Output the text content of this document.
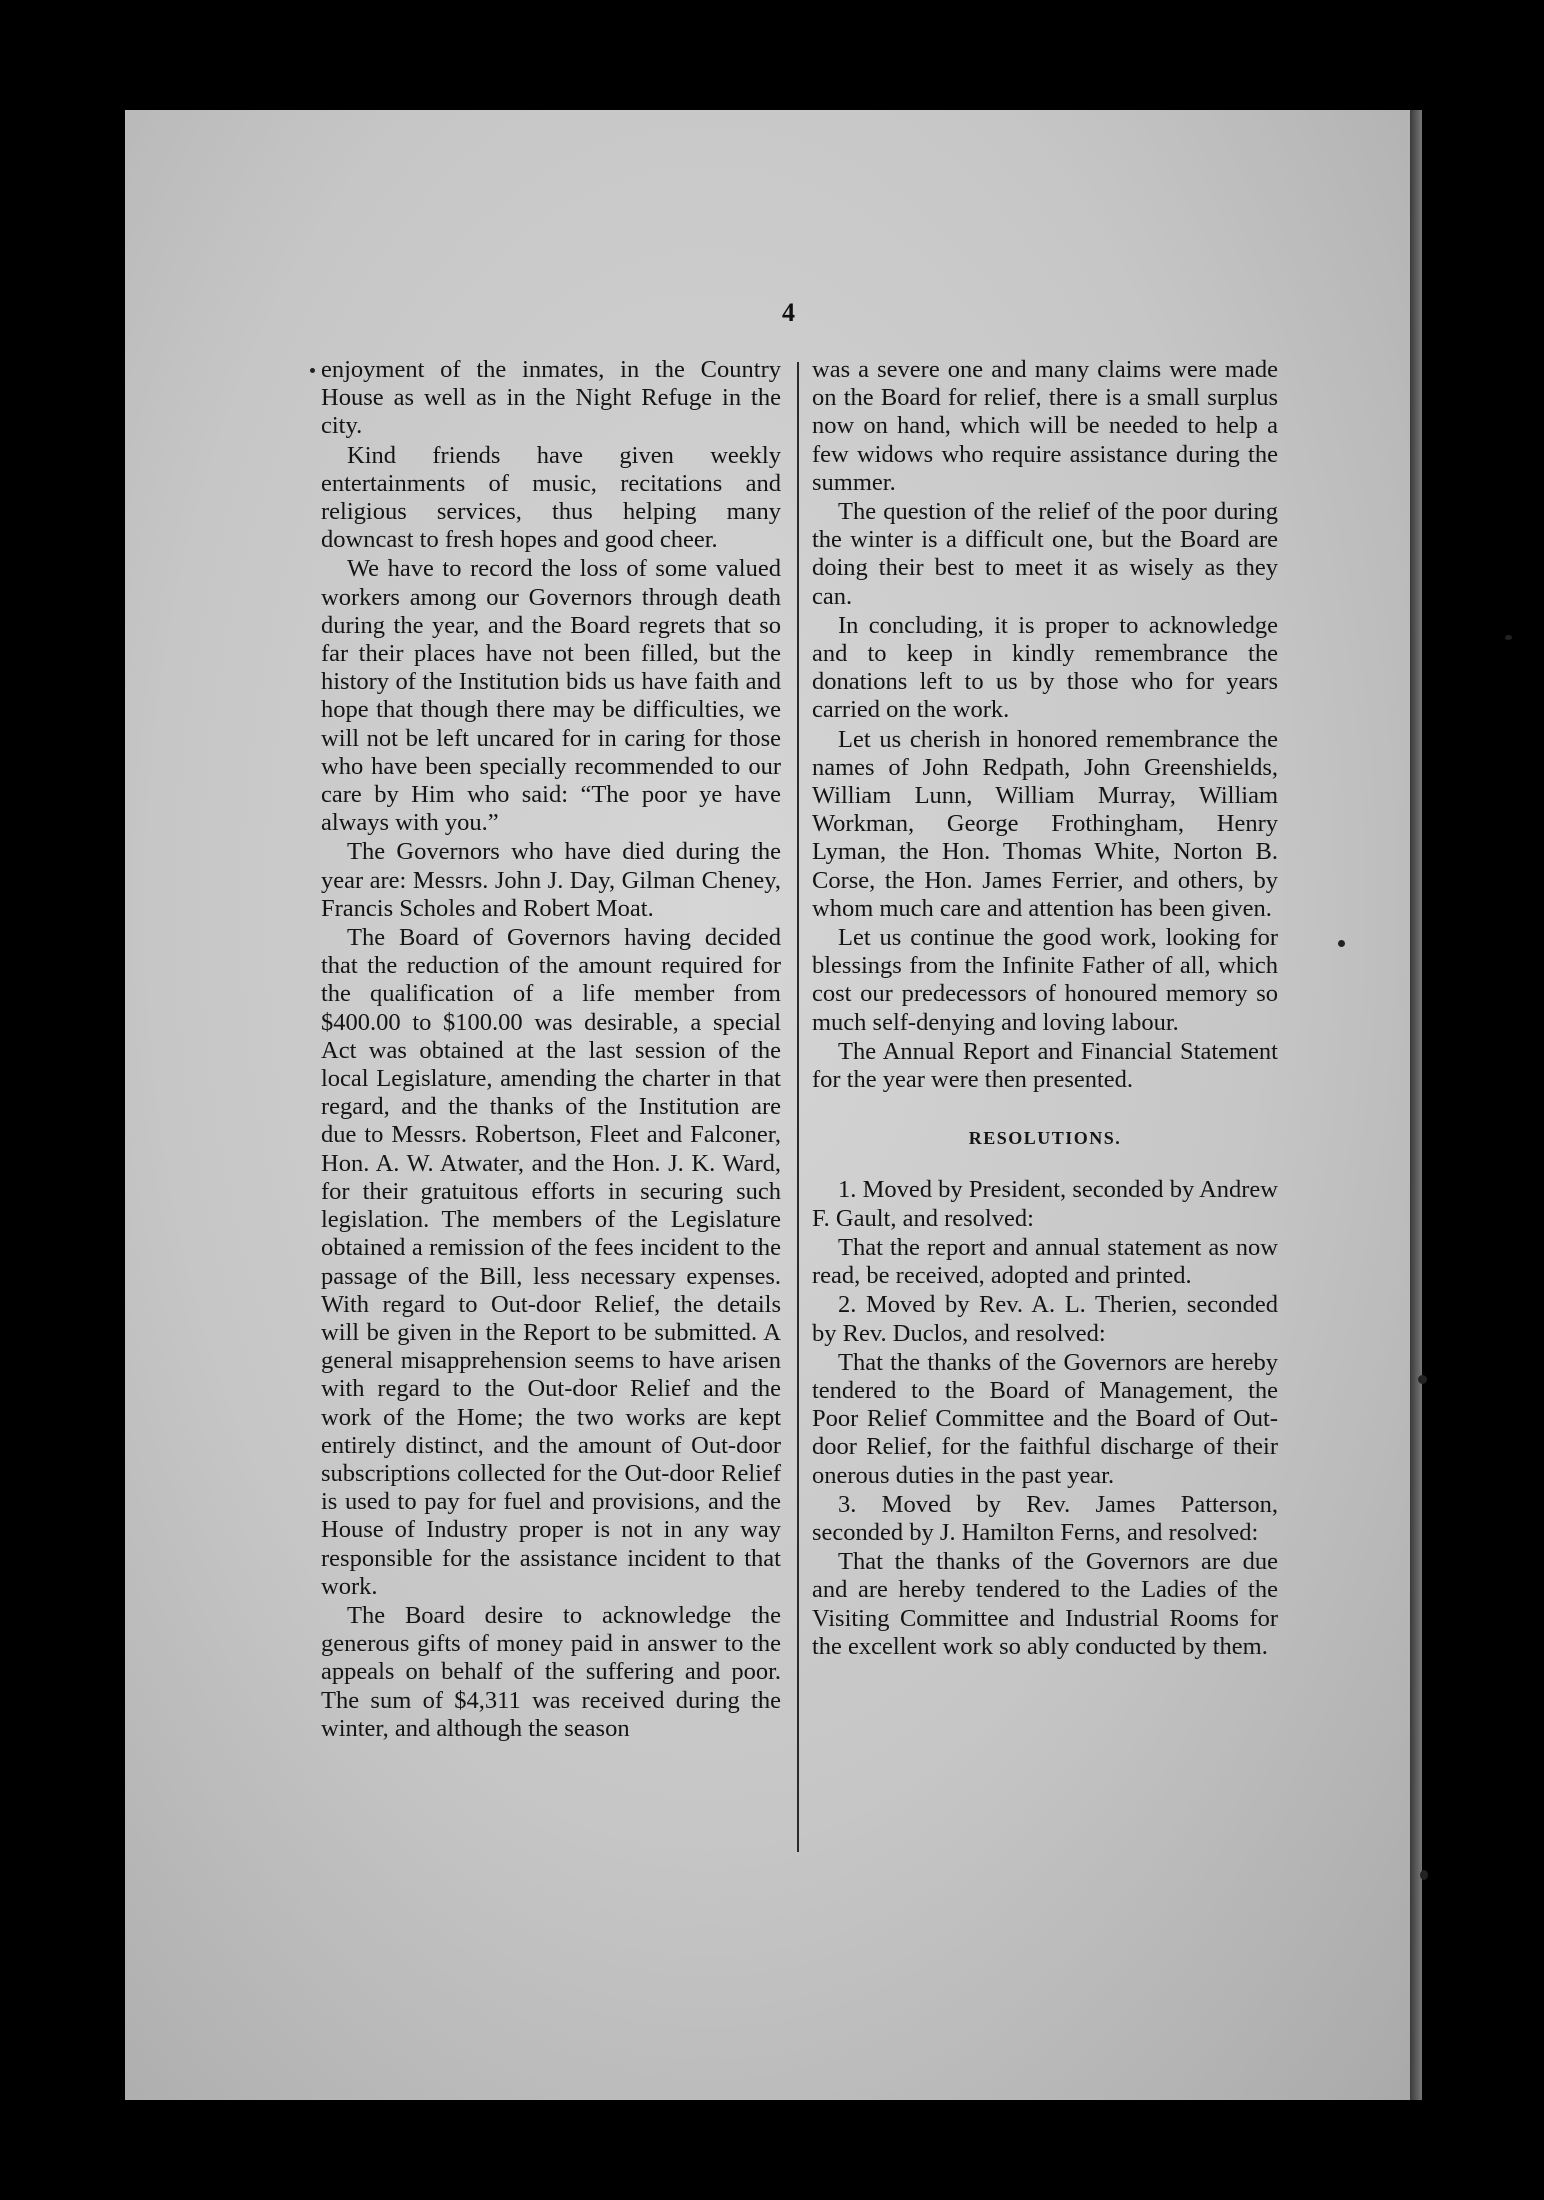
4

enjoyment of the inmates, in the Country House as well as in the Night Refuge in the city.

Kind friends have given weekly entertainments of music, recitations and religious services, thus helping many downcast to fresh hopes and good cheer.

We have to record the loss of some valued workers among our Governors through death during the year, and the Board regrets that so far their places have not been filled, but the history of the Institution bids us have faith and hope that though there may be difficulties, we will not be left uncared for in caring for those who have been specially recommended to our care by Him who said: “The poor ye have always with you.”

The Governors who have died during the year are: Messrs. John J. Day, Gilman Cheney, Francis Scholes and Robert Moat.

The Board of Governors having decided that the reduction of the amount required for the qualification of a life member from $400.00 to $100.00 was desirable, a special Act was obtained at the last session of the local Legislature, amending the charter in that regard, and the thanks of the Institution are due to Messrs. Robertson, Fleet and Falconer, Hon. A. W. Atwater, and the Hon. J. K. Ward, for their gratuitous efforts in securing such legislation. The members of the Legislature obtained a remission of the fees incident to the passage of the Bill, less necessary expenses. With regard to Out-door Relief, the details will be given in the Report to be submitted. A general misapprehension seems to have arisen with regard to the Out-door Relief and the work of the Home; the two works are kept entirely distinct, and the amount of Out-door subscriptions collected for the Out-door Relief is used to pay for fuel and provisions, and the House of Industry proper is not in any way responsible for the assistance incident to that work.

The Board desire to acknowledge the generous gifts of money paid in answer to the appeals on behalf of the suffering and poor. The sum of $4,311 was received during the winter, and although the season

was a severe one and many claims were made on the Board for relief, there is a small surplus now on hand, which will be needed to help a few widows who require assistance during the summer.

The question of the relief of the poor during the winter is a difficult one, but the Board are doing their best to meet it as wisely as they can.

In concluding, it is proper to acknowledge and to keep in kindly remembrance the donations left to us by those who for years carried on the work.

Let us cherish in honored remembrance the names of John Redpath, John Greenshields, William Lunn, William Murray, William Workman, George Frothingham, Henry Lyman, the Hon. Thomas White, Norton B. Corse, the Hon. James Ferrier, and others, by whom much care and attention has been given.

Let us continue the good work, looking for blessings from the Infinite Father of all, which cost our predecessors of honoured memory so much self-denying and loving labour.

The Annual Report and Financial Statement for the year were then presented.

RESOLUTIONS.

1. Moved by President, seconded by Andrew F. Gault, and resolved:

That the report and annual statement as now read, be received, adopted and printed.

2. Moved by Rev. A. L. Therien, seconded by Rev. Duclos, and resolved:

That the thanks of the Governors are hereby tendered to the Board of Management, the Poor Relief Committee and the Board of Out-door Relief, for the faithful discharge of their onerous duties in the past year.

3. Moved by Rev. James Patterson, seconded by J. Hamilton Ferns, and resolved:

That the thanks of the Governors are due and are hereby tendered to the Ladies of the Visiting Committee and Industrial Rooms for the excellent work so ably conducted by them.
